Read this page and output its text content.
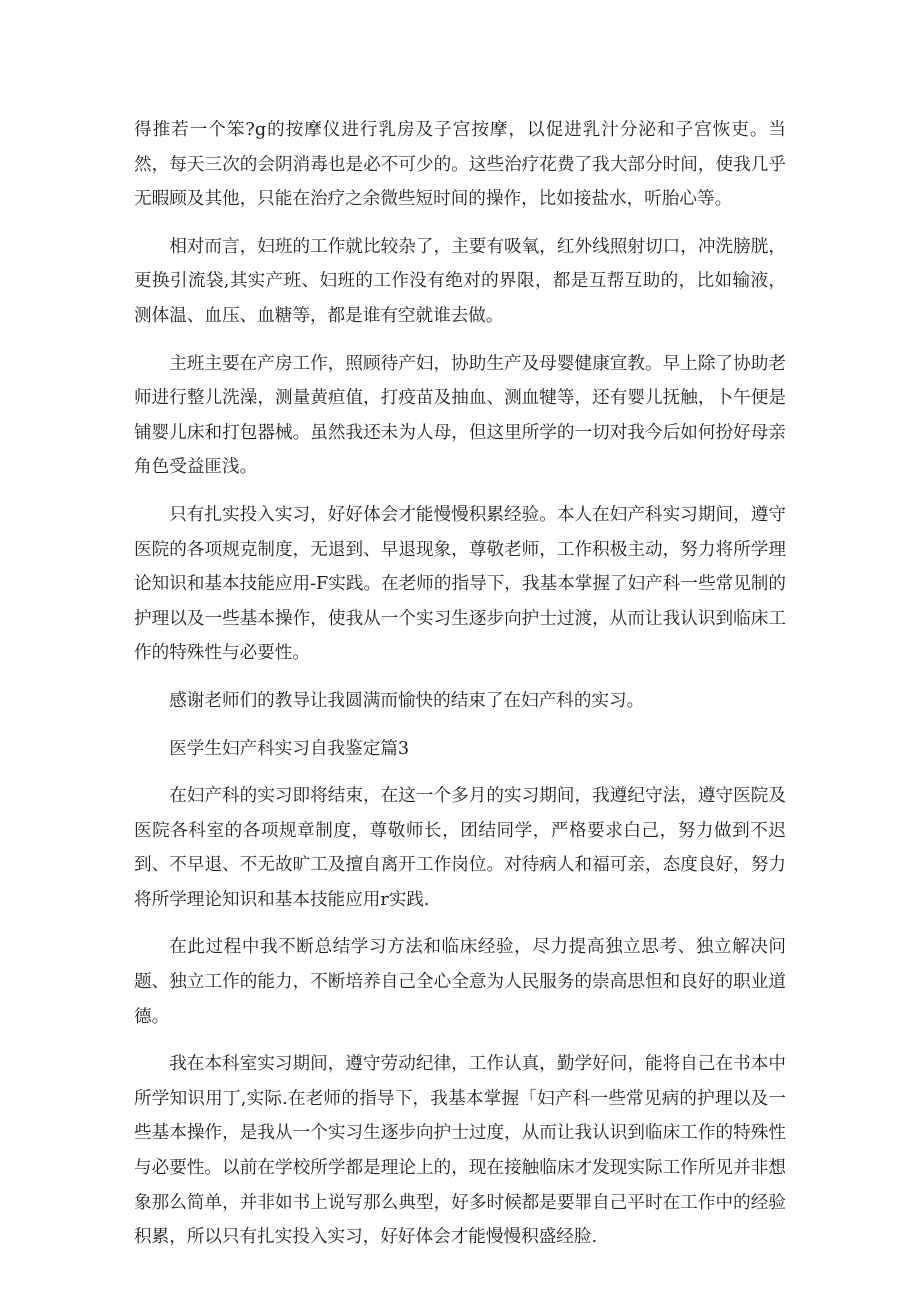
得推若一个笨?g的按摩仪进行乳房及子宫按摩，以促进乳汁分泌和子宫恢吏。当然，每天三次的会阴消毒也是必不可少的。这些治疗花费了我大部分时间，使我几乎无暇顾及其他，只能在治疗之余微些短时间的操作，比如接盐水，听胎心等。

相对而言，妇班的工作就比较杂了，主要有吸氧，红外线照射切口，冲洗膀胱，更换引流袋,其实产班、妇班的工作没有绝对的界限，都是互帮互助的，比如输液，测体温、血压、血糖等，都是谁有空就谁去做。

主班主要在产房工作，照顾待产妇，协助生产及母婴健康宣教。早上除了协助老师进行整儿洗澡，测量黄疸值，打疫苗及抽血、测血犍等，还有婴儿抚触，卜午便是铺婴儿床和打包器械。虽然我还未为人母，但这里所学的一切对我今后如何扮好母亲角色受益匪浅。

只有扎实投入实习，好好体会才能慢慢积累经验。本人在妇产科实习期间，遵守医院的各项规克制度，无退到、早退现象，尊敬老师，工作积极主动，努力将所学理论知识和基本技能应用-F实践。在老师的指导下，我基本掌握了妇产科一些常见制的护理以及一些基本操作，使我从一个实习生逐步向护士过渡，从而让我认识到临床工作的特殊性与必要性。

感谢老师们的教导让我圆满而愉快的结束了在妇产科的实习。

医学生妇产科实习自我鉴定篇3

在妇产科的实习即将结束，在这一个多月的实习期间，我遵纪守法，遵守医院及医院各科室的各项规章制度，尊敬师长，团结同学，严格要求白己，努力做到不迟到、不早退、不无故旷工及擅自离开工作岗位。对待病人和福可亲，态度良好，努力将所学理论知识和基本技能应用r实践.

在此过程中我不断总结学习方法和临床经验，尽力提高独立思考、独立解决问题、独立工作的能力，不断培养自己全心全意为人民服务的崇高思怛和良好的职业道德。

我在本科室实习期间，遵守劳动纪律，工作认真，勤学好问，能将自己在书本中所学知识用丁,实际.在老师的指导下，我基本掌握「妇产科一些常见病的护理以及一些基本操作，是我从一个实习生逐步向护士过度，从而让我认识到临床工作的特殊性与必要性。以前在学校所学都是理论上的，现在接触临床才发现实际工作所见并非想象那么简单，并非如书上说写那么典型，好多时候都是要罪自己平时在工作中的经验积累，所以只有扎实投入实习，好好体会才能慢慢积盛经脸.
